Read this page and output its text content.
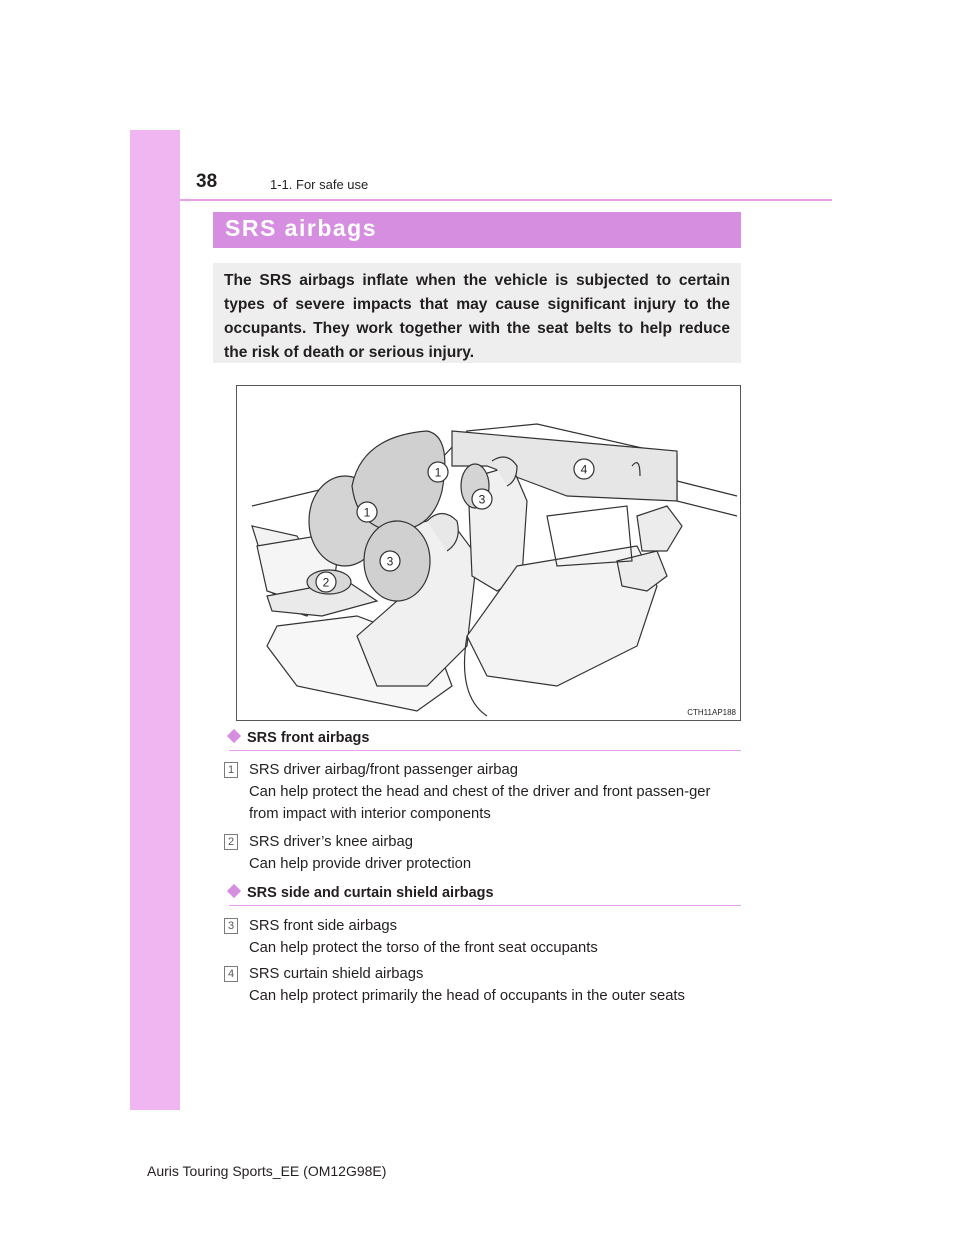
38	1-1. For safe use
SRS airbags
The SRS airbags inflate when the vehicle is subjected to certain types of severe impacts that may cause significant injury to the occupants. They work together with the seat belts to help reduce the risk of death or serious injury.
1
1
2
3
3
4
CTH11AP188
SRS front airbags
1 SRS driver airbag/front passenger airbag
Can help protect the head and chest of the driver and front passen-ger from impact with interior components
2 SRS driver’s knee airbag
Can help provide driver protection
SRS side and curtain shield airbags
3 SRS front side airbags
Can help protect the torso of the front seat occupants
4 SRS curtain shield airbags
Can help protect primarily the head of occupants in the outer seats
Auris Touring Sports_EE (OM12G98E)
